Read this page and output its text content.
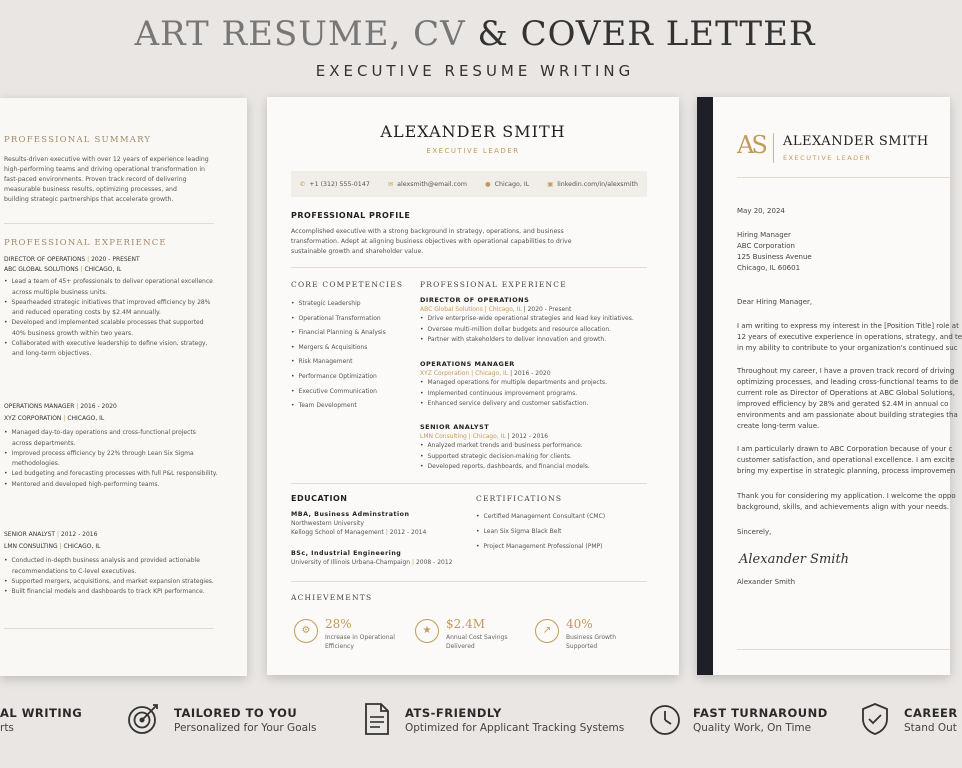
ART RESUME, CV & COVER LETTER
EXECUTIVE RESUME WRITING
PROFESSIONAL SUMMARY
Results-driven executive with over 12 years of experience leading
high-performing teams and driving operational transformation in
fast-paced environments. Proven track record of delivering
measurable business results, optimizing processes, and
building strategic partnerships that accelerate growth.
PROFESSIONAL EXPERIENCE
DIRECTOR OF OPERATIONS | 2020 - PRESENT
ABC GLOBAL SOLUTIONS | CHICAGO, IL
• Lead a team of 45+ professionals to deliver operational excellence
across multiple business units.
• Spearheaded strategic initiatives that improved efficiency by 28%
and reduced operating costs by $2.4M annually.
• Developed and implemented scalable processes that supported
40% business growth within two years.
• Collaborated with executive leadership to define vision, strategy,
and long-term objectives.
OPERATIONS MANAGER | 2016 - 2020
XYZ CORPORATION | CHICAGO, IL
• Managed day-to-day operations and cross-functional projects
across departments.
• Improved process efficiency by 22% through Lean Six Sigma
methodologies.
• Led budgeting and forecasting processes with full P&L responsibility.
• Mentored and developed high-performing teams.
SENIOR ANALYST | 2012 - 2016
LMN CONSULTING | CHICAGO, IL
• Conducted in-depth business analysis and provided actionable
recommendations to C-level executives.
• Supported mergers, acquisitions, and market expansion strategies.
• Built financial models and dashboards to track KPI performance.
ALEXANDER SMITH
EXECUTIVE LEADER
✆ +1 (312) 555-0147	✉ alexsmith@email.com	● Chicago, IL	▣ linkedin.com/in/alexsmith
PROFESSIONAL PROFILE
Accomplished executive with a strong background in strategy, operations, and business
transformation. Adept at aligning business objectives with operational capabilities to drive
sustainable growth and shareholder value.
CORE COMPETENCIES
• Strategic Leadership
• Operational Transformation
• Financial Planning & Analysis
• Mergers & Acquisitions
• Risk Management
• Performance Optimization
• Executive Communication
• Team Development
PROFESSIONAL EXPERIENCE
DIRECTOR OF OPERATIONS
ABC Global Solutions | Chicago, IL | 2020 - Present
• Drive enterprise-wide operational strategies and lead key initiatives.
• Oversee multi-million dollar budgets and resource allocation.
• Partner with stakeholders to deliver innovation and growth.
OPERATIONS MANAGER
XYZ Corporation | Chicago, IL | 2016 - 2020
• Managed operations for multiple departments and projects.
• Implemented continuous improvement programs.
• Enhanced service delivery and customer satisfaction.
SENIOR ANALYST
LMN Consulting | Chicago, IL | 2012 - 2016
• Analyzed market trends and business performance.
• Supported strategic decision-making for clients.
• Developed reports, dashboards, and financial models.
EDUCATION
MBA, Business Adminstration
Northwestern University
Kellogg School of Management | 2012 - 2014
BSc, Industrial Engineering
University of Illinois Urbana-Champaign | 2008 - 2012
CERTIFICATIONS
• Certified Management Consultant (CMC)
• Lean Six Sigma Black Belt
• Project Management Professional (PMP)
ACHIEVEMENTS
⚙	28%
Increase in Operational Efficiency
★	$2.4M
Annual Cost Savings Delivered
↗	40%
Business Growth Supported
AS ALEXANDER SMITH
EXECUTIVE LEADER
May 20, 2024
Hiring Manager
ABC Corporation
125 Business Avenue
Chicago, IL 60601
Dear Hiring Manager,
I am writing to express my interest in the [Position Title] role at
12 years of executive experience in operations, strategy, and te
in my ability to contribute to your organization's continued suc
Throughout my career, I have a proven track record of driving
optimizing processes, and leading cross-functional teams to de
current role as Director of Operations at ABC Global Solutions,
improved efficiency by 28% and gerated $2.4M in annual co
environments and am passionate about building strategies tha
create long-term value.
I am particularly drawn to ABC Corporation because of your c
customer satisfaction, and operational excellence. I am excite
bring my expertise in strategic planning, process improvemen
Thank you for considering my application. I welcome the oppo
background, skills, and achievements align with your needs.
Sincerely,
Alexander Smith
Alexander Smith
AL WRITING
rts
TAILORED TO YOU
Personalized for Your Goals
ATS-FRIENDLY
Optimized for Applicant Tracking Systems
FAST TURNAROUND
Quality Work, On Time
CAREER
Stand Out
